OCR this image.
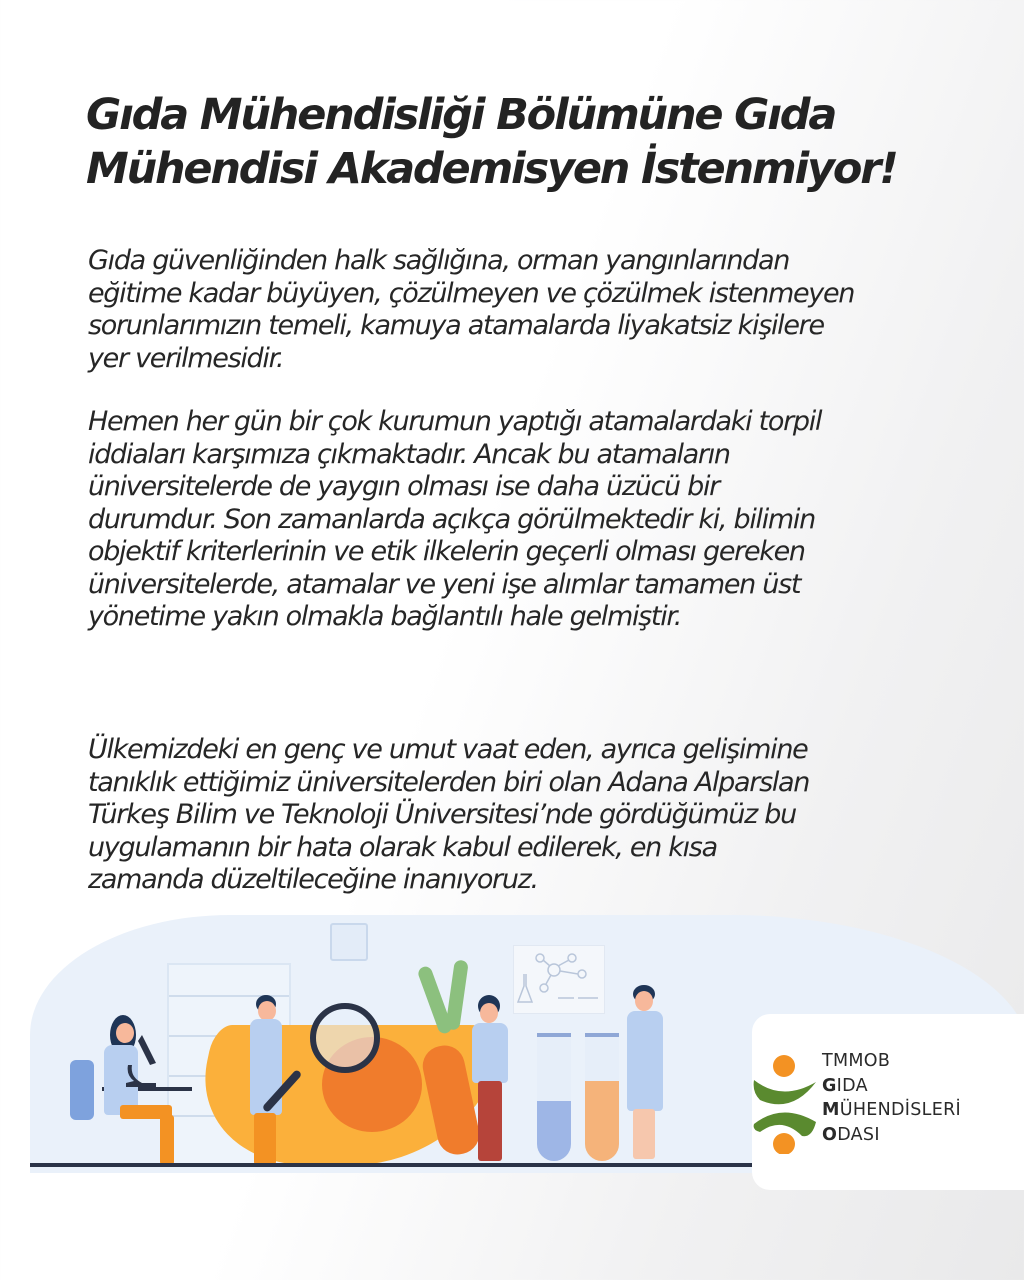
Gıda Mühendisliği Bölümüne Gıda
Mühendisi Akademisyen İstenmiyor!

Gıda güvenliğinden halk sağlığına, orman yangınlarından
eğitime kadar büyüyen, çözülmeyen ve çözülmek istenmeyen
sorunlarımızın temeli, kamuya atamalarda liyakatsiz kişilere
yer verilmesidir.

Hemen her gün bir çok kurumun yaptığı atamalardaki torpil
iddiaları karşımıza çıkmaktadır. Ancak bu atamaların
üniversitelerde de yaygın olması ise daha üzücü bir
durumdur. Son zamanlarda açıkça görülmektedir ki, bilimin
objektif kriterlerinin ve etik ilkelerin geçerli olması gereken
üniversitelerde, atamalar ve yeni işe alımlar tamamen üst
yönetime yakın olmakla bağlantılı hale gelmiştir.

Ülkemizdeki en genç ve umut vaat eden, ayrıca gelişimine
tanıklık ettiğimiz üniversitelerden biri olan Adana Alparslan
Türkeş Bilim ve Teknoloji Üniversitesi’nde gördüğümüz bu
uygulamanın bir hata olarak kabul edilerek, en kısa
zamanda düzeltileceğine inanıyoruz.

TMMOB
GIDA
MÜHENDİSLERİ
ODASI
